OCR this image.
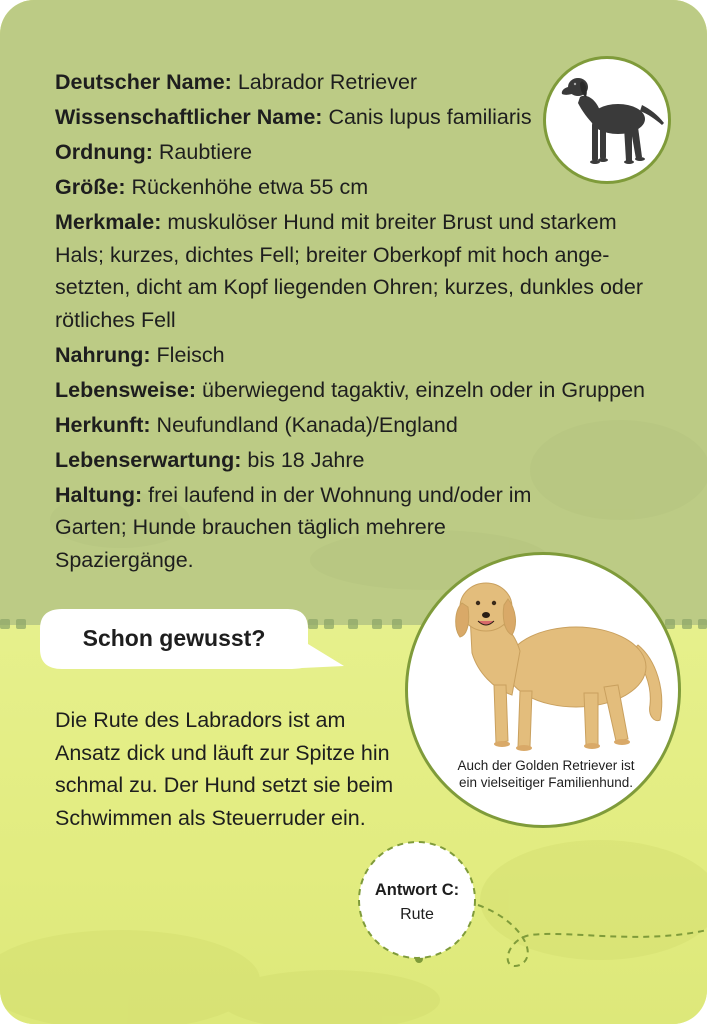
Deutscher Name: Labrador Retriever
Wissenschaftlicher Name: Canis lupus familiaris
Ordnung: Raubtiere
Größe: Rückenhöhe etwa 55 cm
Merkmale: muskulöser Hund mit breiter Brust und starkem Hals; kurzes, dichtes Fell; breiter Oberkopf mit hoch angesetzten, dicht am Kopf liegenden Ohren; kurzes, dunkles oder rötliches Fell
Nahrung: Fleisch
Lebensweise: überwiegend tagaktiv, einzeln oder in Gruppen
Herkunft: Neufundland (Kanada)/England
Lebenserwartung: bis 18 Jahre
Haltung: frei laufend in der Wohnung und/oder im Garten; Hunde brauchen täglich mehrere Spaziergänge.
Schon gewusst?
Die Rute des Labradors ist am Ansatz dick und läuft zur Spitze hin schmal zu. Der Hund setzt sie beim Schwimmen als Steuerruder ein.
Auch der Golden Retriever ist ein vielseitiger Familienhund.
Antwort C:
Rute
